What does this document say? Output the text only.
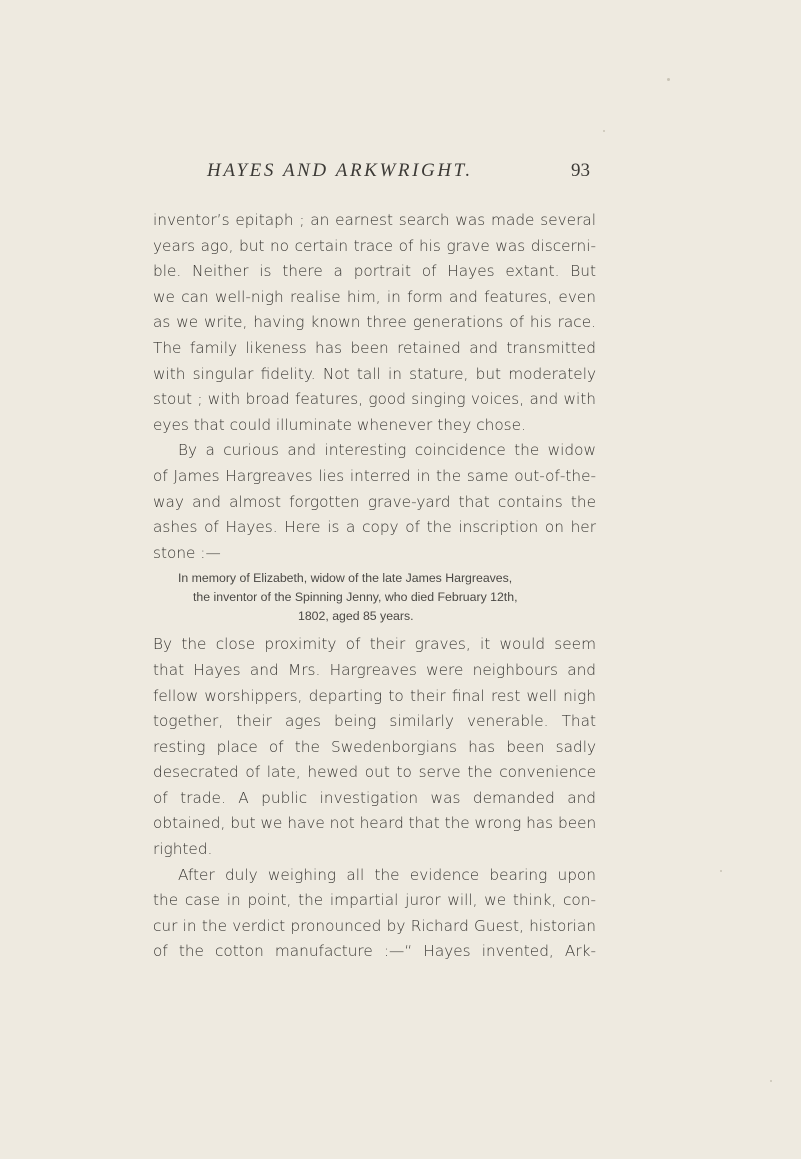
HAYES AND ARKWRIGHT.	93

inventor’s epitaph ; an earnest search was made several
years ago, but no certain trace of his grave was discerni-
ble. Neither is there a portrait of Hayes extant. But
we can well-nigh realise him, in form and features, even
as we write, having known three generations of his race.
The family likeness has been retained and transmitted
with singular fidelity. Not tall in stature, but moderately
stout ; with broad features, good singing voices, and with
eyes that could illuminate whenever they chose.

By a curious and interesting coincidence the widow
of James Hargreaves lies interred in the same out-of-the-
way and almost forgotten grave-yard that contains the
ashes of Hayes. Here is a copy of the inscription on her
stone :—

In memory of Elizabeth, widow of the late James Hargreaves,
the inventor of the Spinning Jenny, who died February 12th,
1802, aged 85 years.

By the close proximity of their graves, it would seem
that Hayes and Mrs. Hargreaves were neighbours and
fellow worshippers, departing to their final rest well nigh
together, their ages being similarly venerable. That
resting place of the Swedenborgians has been sadly
desecrated of late, hewed out to serve the convenience
of trade. A public investigation was demanded and
obtained, but we have not heard that the wrong has been
righted.

After duly weighing all the evidence bearing upon
the case in point, the impartial juror will, we think, con-
cur in the verdict pronounced by Richard Guest, historian
of the cotton manufacture :—“ Hayes invented, Ark-
